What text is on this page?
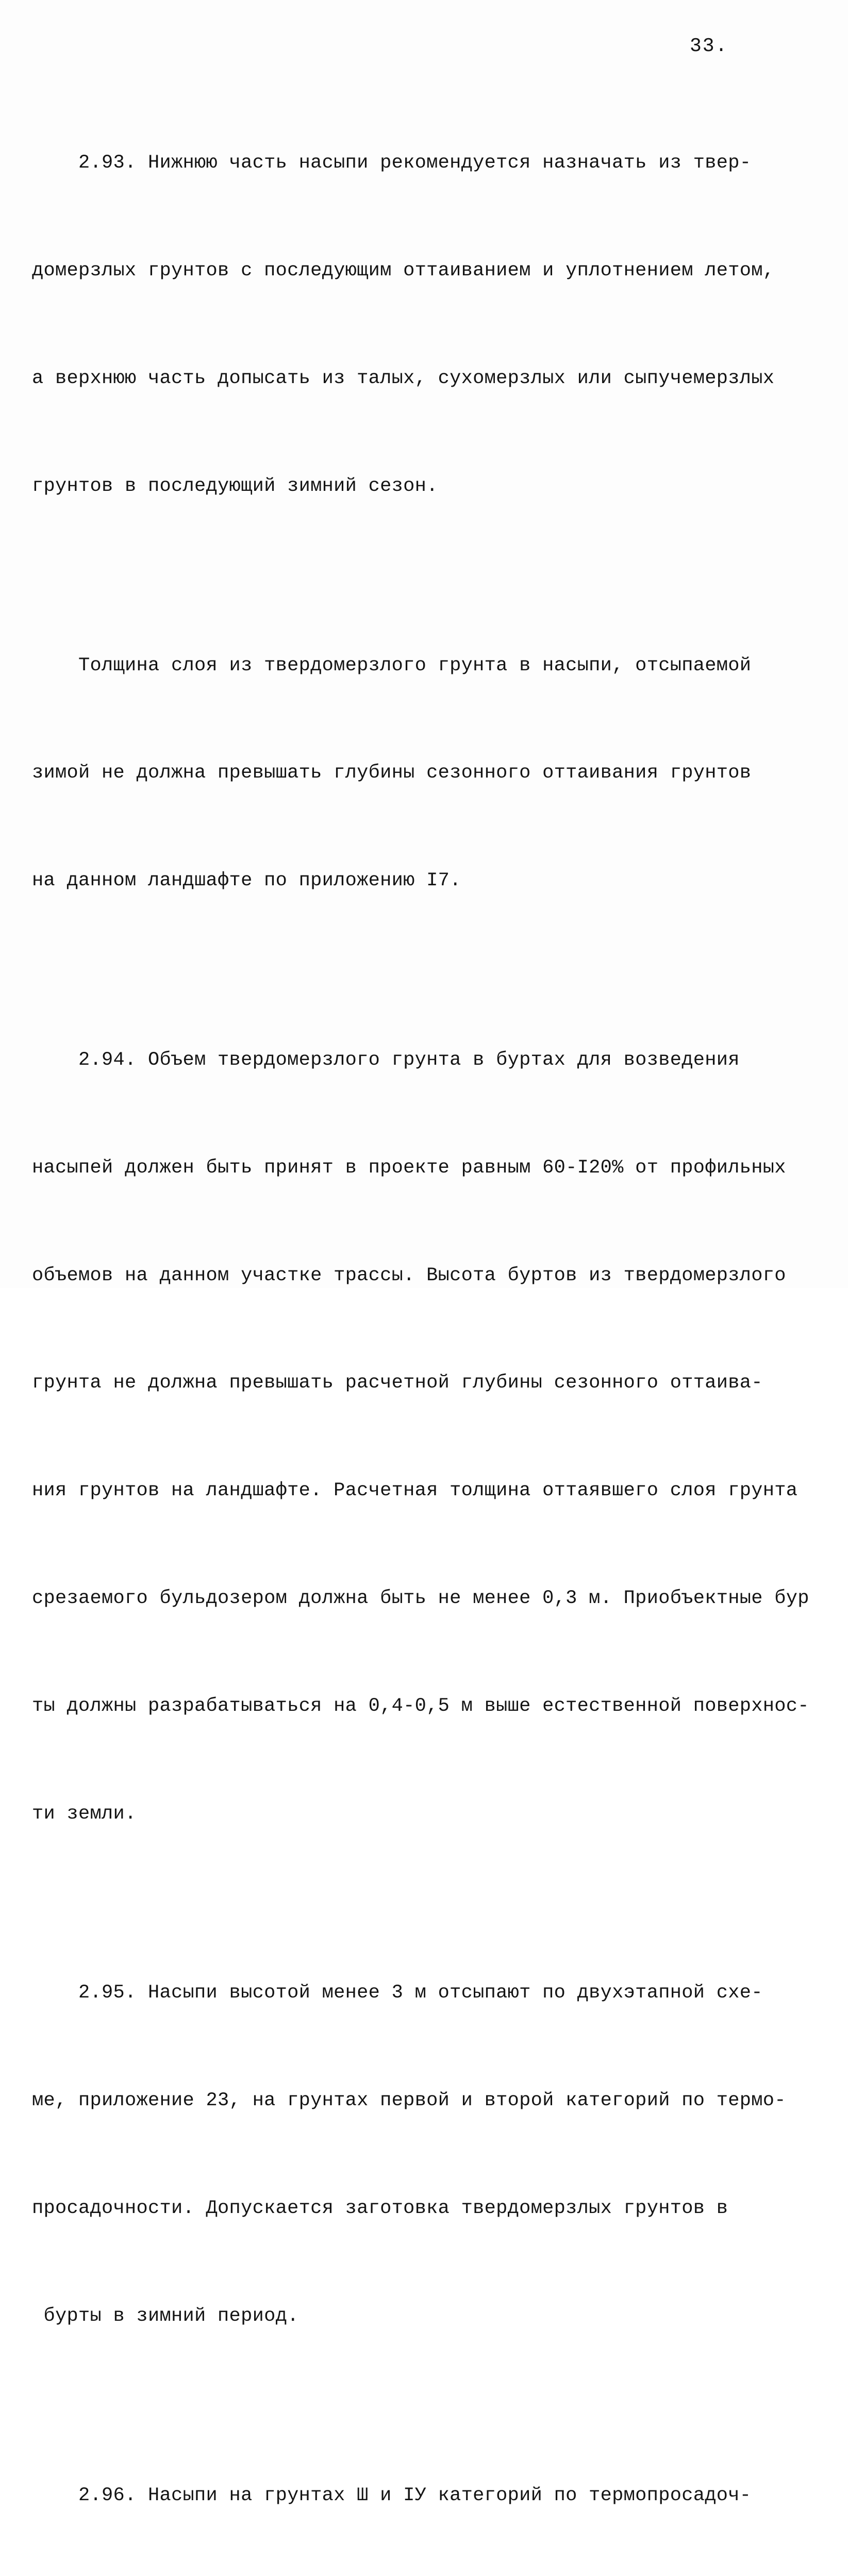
33.

2.93. Нижнюю часть насыпи рекомендуется назначать из твер-

домерзлых грунтов с последующим оттаиванием и уплотнением летом,

а верхнюю часть допысать из талых, сухомерзлых или сыпучемерзлых

грунтов в последующий зимний сезон.

Толщина слоя из твердомерзлого грунта в насыпи, отсыпаемой

зимой не должна превышать глубины сезонного оттаивания грунтов

на данном ландшафте по приложению I7.

2.94. Объем твердомерзлого грунта в буртах для возведения

насыпей должен быть принят в проекте равным 60-I20% от профильных

объемов на данном участке трассы. Высота буртов из твердомерзлого

грунта не должна превышать расчетной глубины сезонного оттаива-

ния грунтов на ландшафте. Расчетная толщина оттаявшего слоя грунта

срезаемого бульдозером должна быть не менее 0,3 м. Приобъектные бур

ты должны разрабатываться на 0,4-0,5 м выше естественной поверхнос-

ти земли.

2.95. Насыпи высотой менее 3 м отсыпают по двухэтапной схе-

ме, приложение 23, на грунтах первой и второй категорий по термо-

просадочности. Допускается заготовка твердомерзлых грунтов в

бурты в зимний период.

2.96. Насыпи на грунтах Ш и IУ категорий по термопросадоч-
